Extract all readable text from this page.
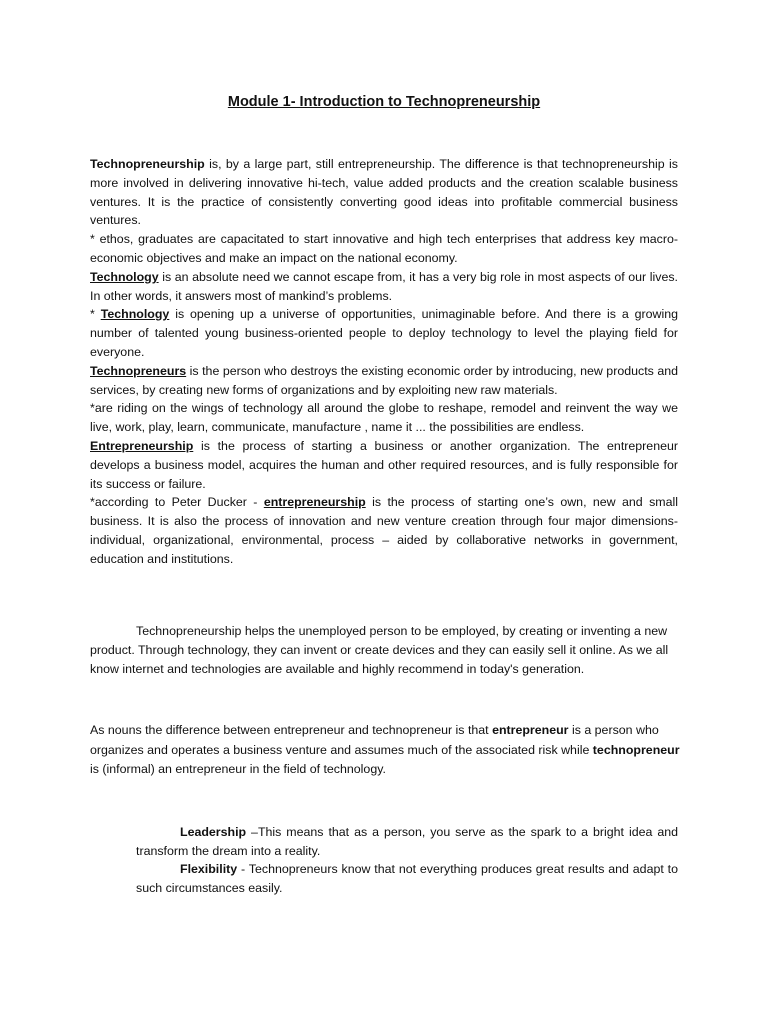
Module 1- Introduction to Technopreneurship

Technopreneurship is, by a large part, still entrepreneurship. The difference is that technopreneurship is more involved in delivering innovative hi-tech, value added products and the creation scalable business ventures. It is the practice of consistently converting good ideas into profitable commercial business ventures.

* ethos, graduates are capacitated to start innovative and high tech enterprises that address key macro-economic objectives and make an impact on the national economy.

Technology is an absolute need we cannot escape from, it has a very big role in most aspects of our lives. In other words, it answers most of mankind’s problems.

* Technology is opening up a universe of opportunities, unimaginable before. And there is a growing number of talented young business-oriented people to deploy technology to level the playing field for everyone.

Technopreneurs is the person who destroys the existing economic order by introducing, new products and services, by creating new forms of organizations and by exploiting new raw materials.

*are riding on the wings of technology all around the globe to reshape, remodel and reinvent the way we live, work, play, learn, communicate, manufacture , name it ... the possibilities are endless.

Entrepreneurship is the process of starting a business or another organization. The entrepreneur develops a business model, acquires the human and other required resources, and is fully responsible for its success or failure.

*according to Peter Ducker - entrepreneurship is the process of starting one’s own, new and small business. It is also the process of innovation and new venture creation through four major dimensions-individual, organizational, environmental, process – aided by collaborative networks in government, education and institutions.

Technopreneurship helps the unemployed person to be employed, by creating or inventing a new product. Through technology, they can invent or create devices and they can easily sell it online. As we all know internet and technologies are available and highly recommend in today's generation.
As nouns the difference between entrepreneur and technopreneur is that entrepreneur is a person who organizes and operates a business venture and assumes much of the associated risk while technopreneur is (informal) an entrepreneur in the field of technology.

Leadership –This means that as a person, you serve as the spark to a bright idea and transform the dream into a reality.

Flexibility - Technopreneurs know that not everything produces great results and adapt to such circumstances easily.
